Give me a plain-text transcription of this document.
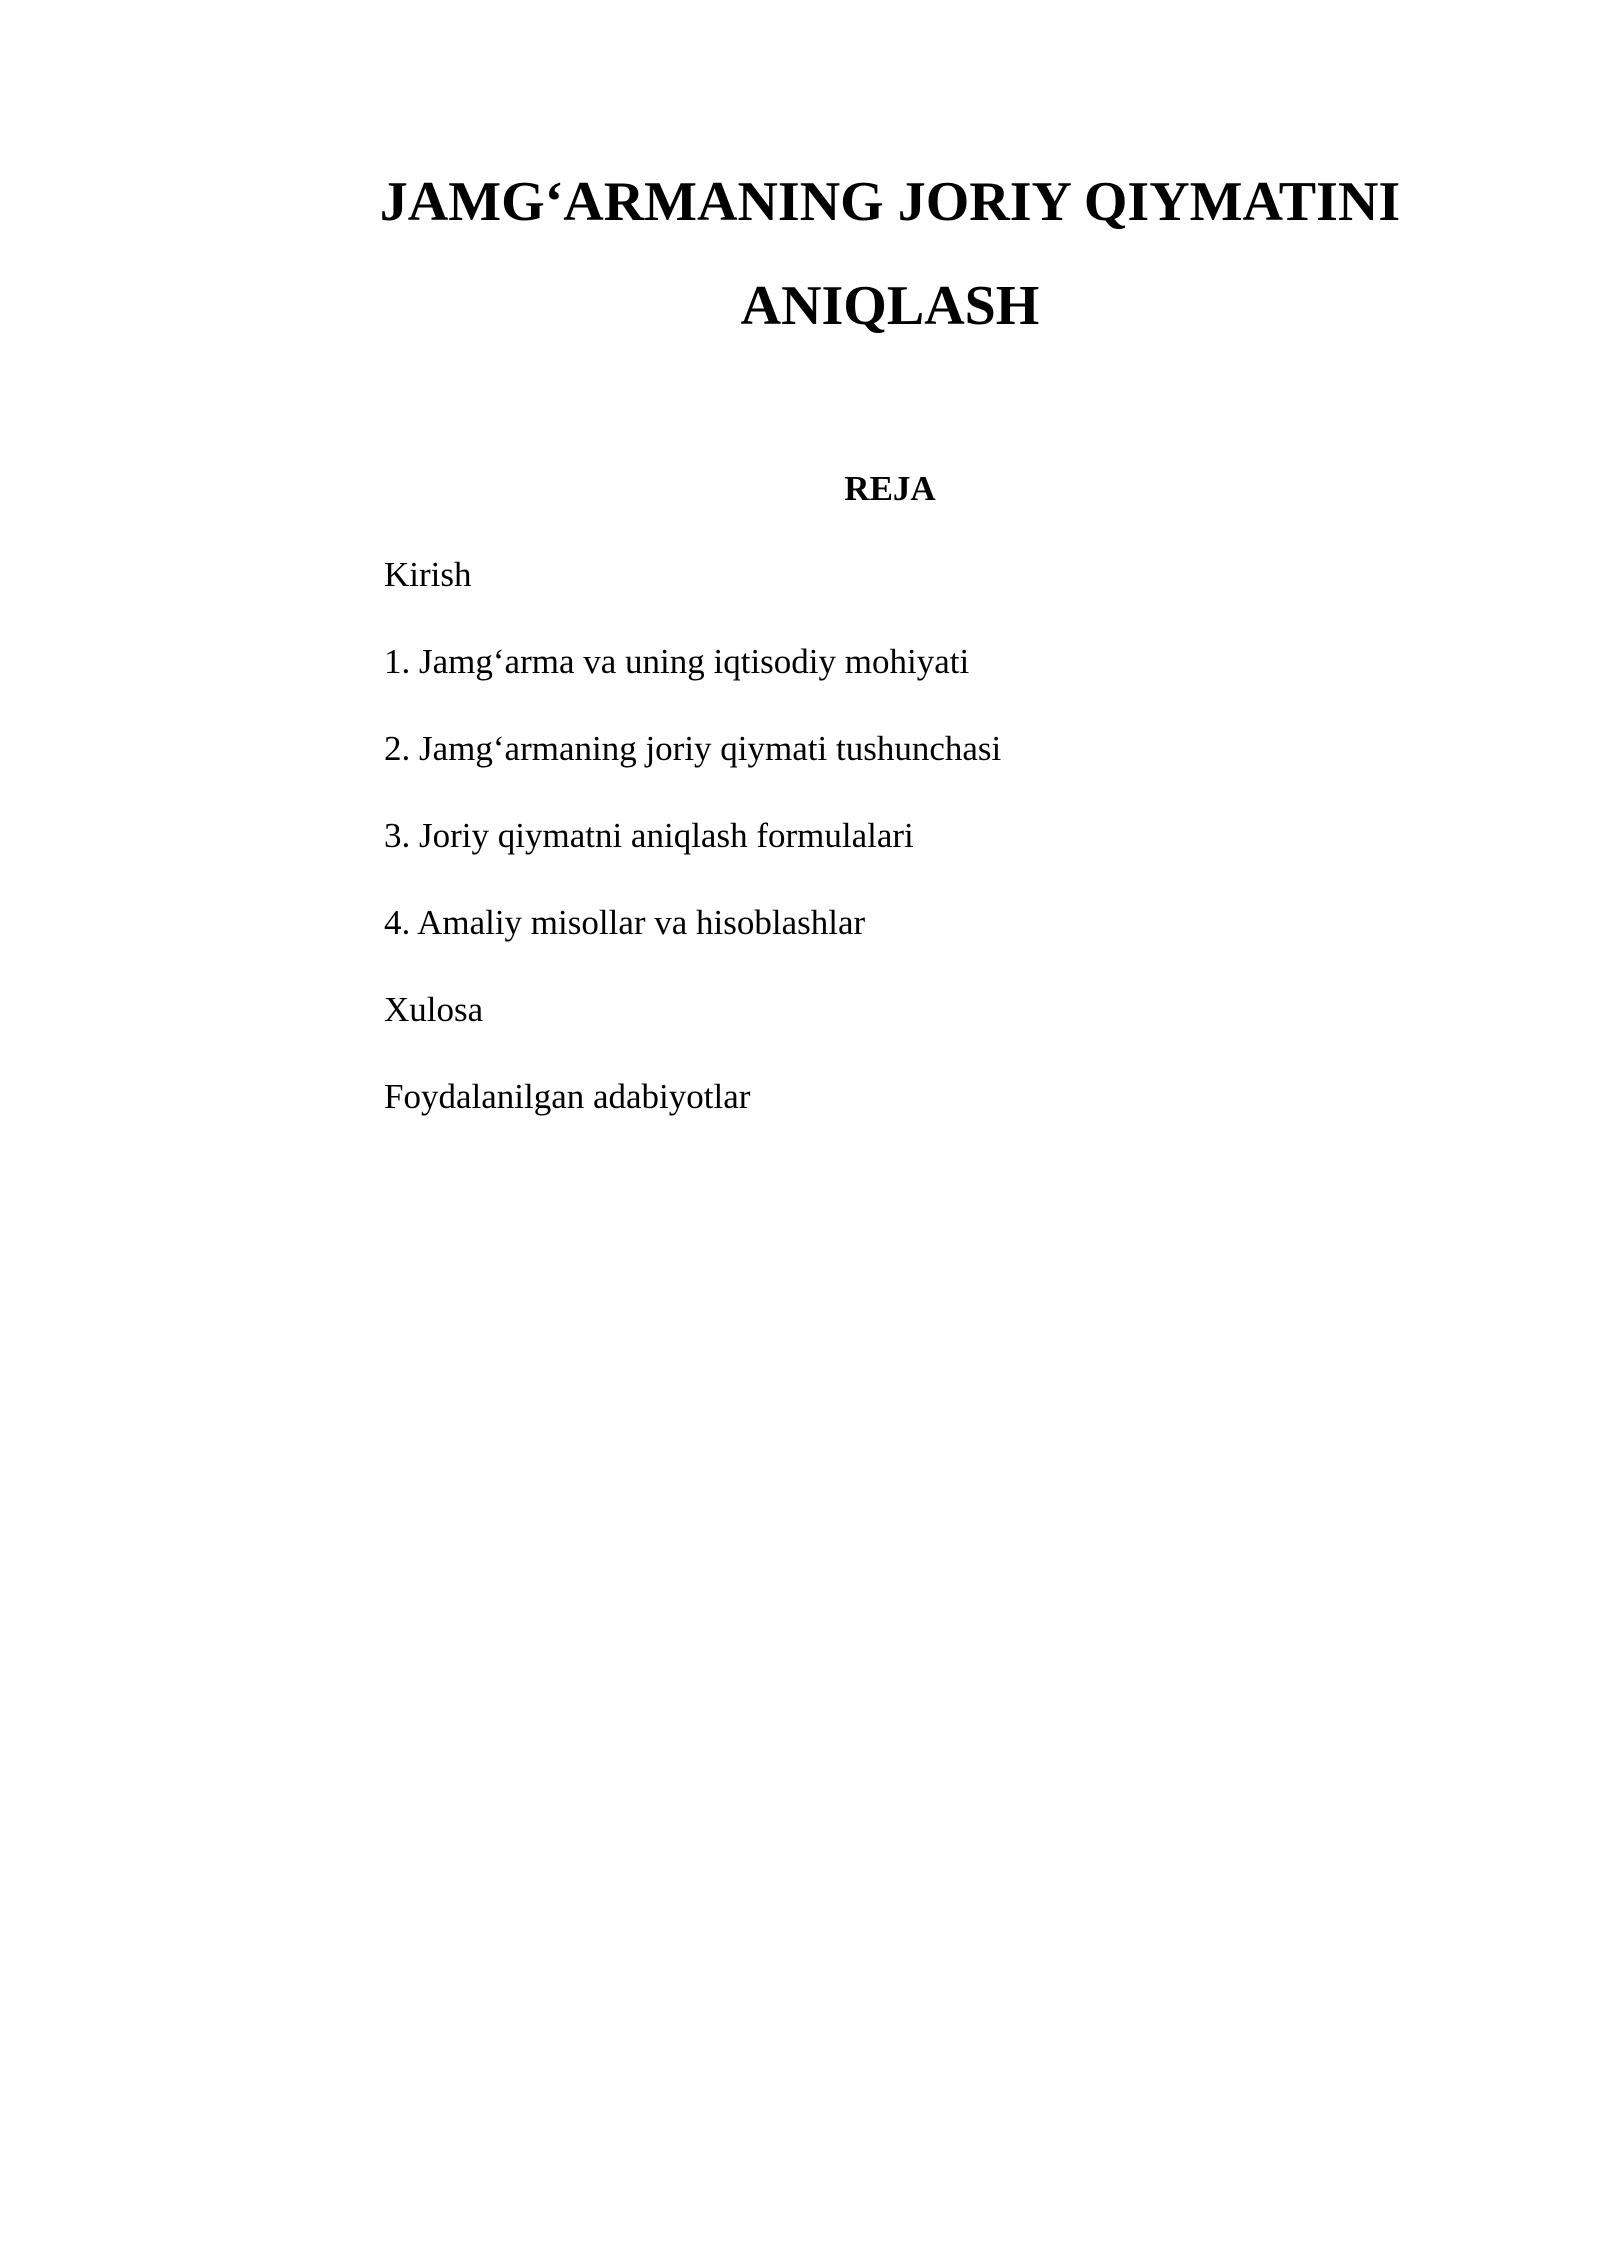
JAMG‘ARMANING JORIY QIYMATINI
ANIQLASH
REJA
Kirish
1. Jamg‘arma va uning iqtisodiy mohiyati
2. Jamg‘armaning joriy qiymati tushunchasi
3. Joriy qiymatni aniqlash formulalari
4. Amaliy misollar va hisoblashlar
Xulosa
Foydalanilgan adabiyotlar
